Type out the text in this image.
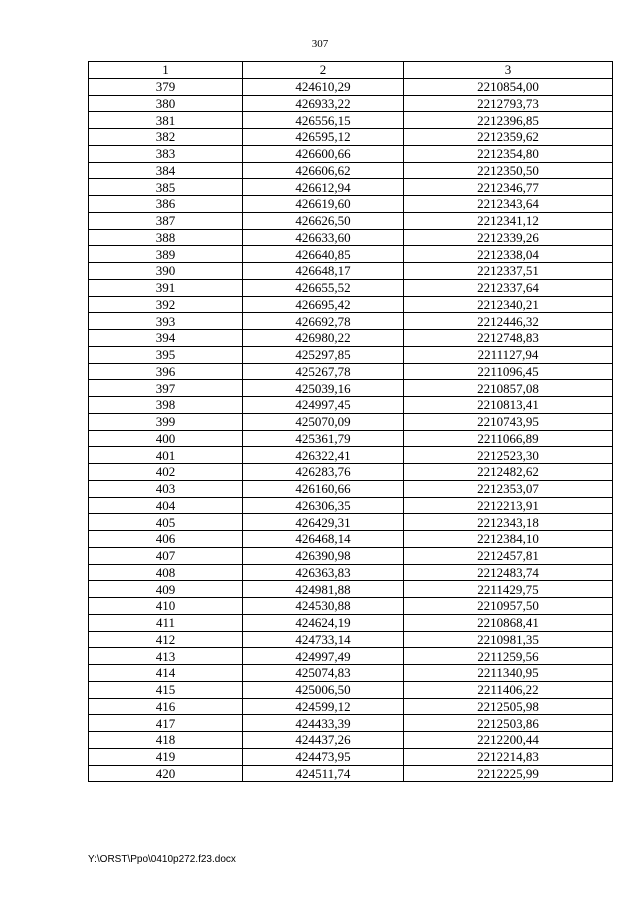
307
1	2	3
379	424610,29	2210854,00
380	426933,22	2212793,73
381	426556,15	2212396,85
382	426595,12	2212359,62
383	426600,66	2212354,80
384	426606,62	2212350,50
385	426612,94	2212346,77
386	426619,60	2212343,64
387	426626,50	2212341,12
388	426633,60	2212339,26
389	426640,85	2212338,04
390	426648,17	2212337,51
391	426655,52	2212337,64
392	426695,42	2212340,21
393	426692,78	2212446,32
394	426980,22	2212748,83
395	425297,85	2211127,94
396	425267,78	2211096,45
397	425039,16	2210857,08
398	424997,45	2210813,41
399	425070,09	2210743,95
400	425361,79	2211066,89
401	426322,41	2212523,30
402	426283,76	2212482,62
403	426160,66	2212353,07
404	426306,35	2212213,91
405	426429,31	2212343,18
406	426468,14	2212384,10
407	426390,98	2212457,81
408	426363,83	2212483,74
409	424981,88	2211429,75
410	424530,88	2210957,50
411	424624,19	2210868,41
412	424733,14	2210981,35
413	424997,49	2211259,56
414	425074,83	2211340,95
415	425006,50	2211406,22
416	424599,12	2212505,98
417	424433,39	2212503,86
418	424437,26	2212200,44
419	424473,95	2212214,83
420	424511,74	2212225,99
Y:\ORST\Ppo\0410p272.f23.docx
